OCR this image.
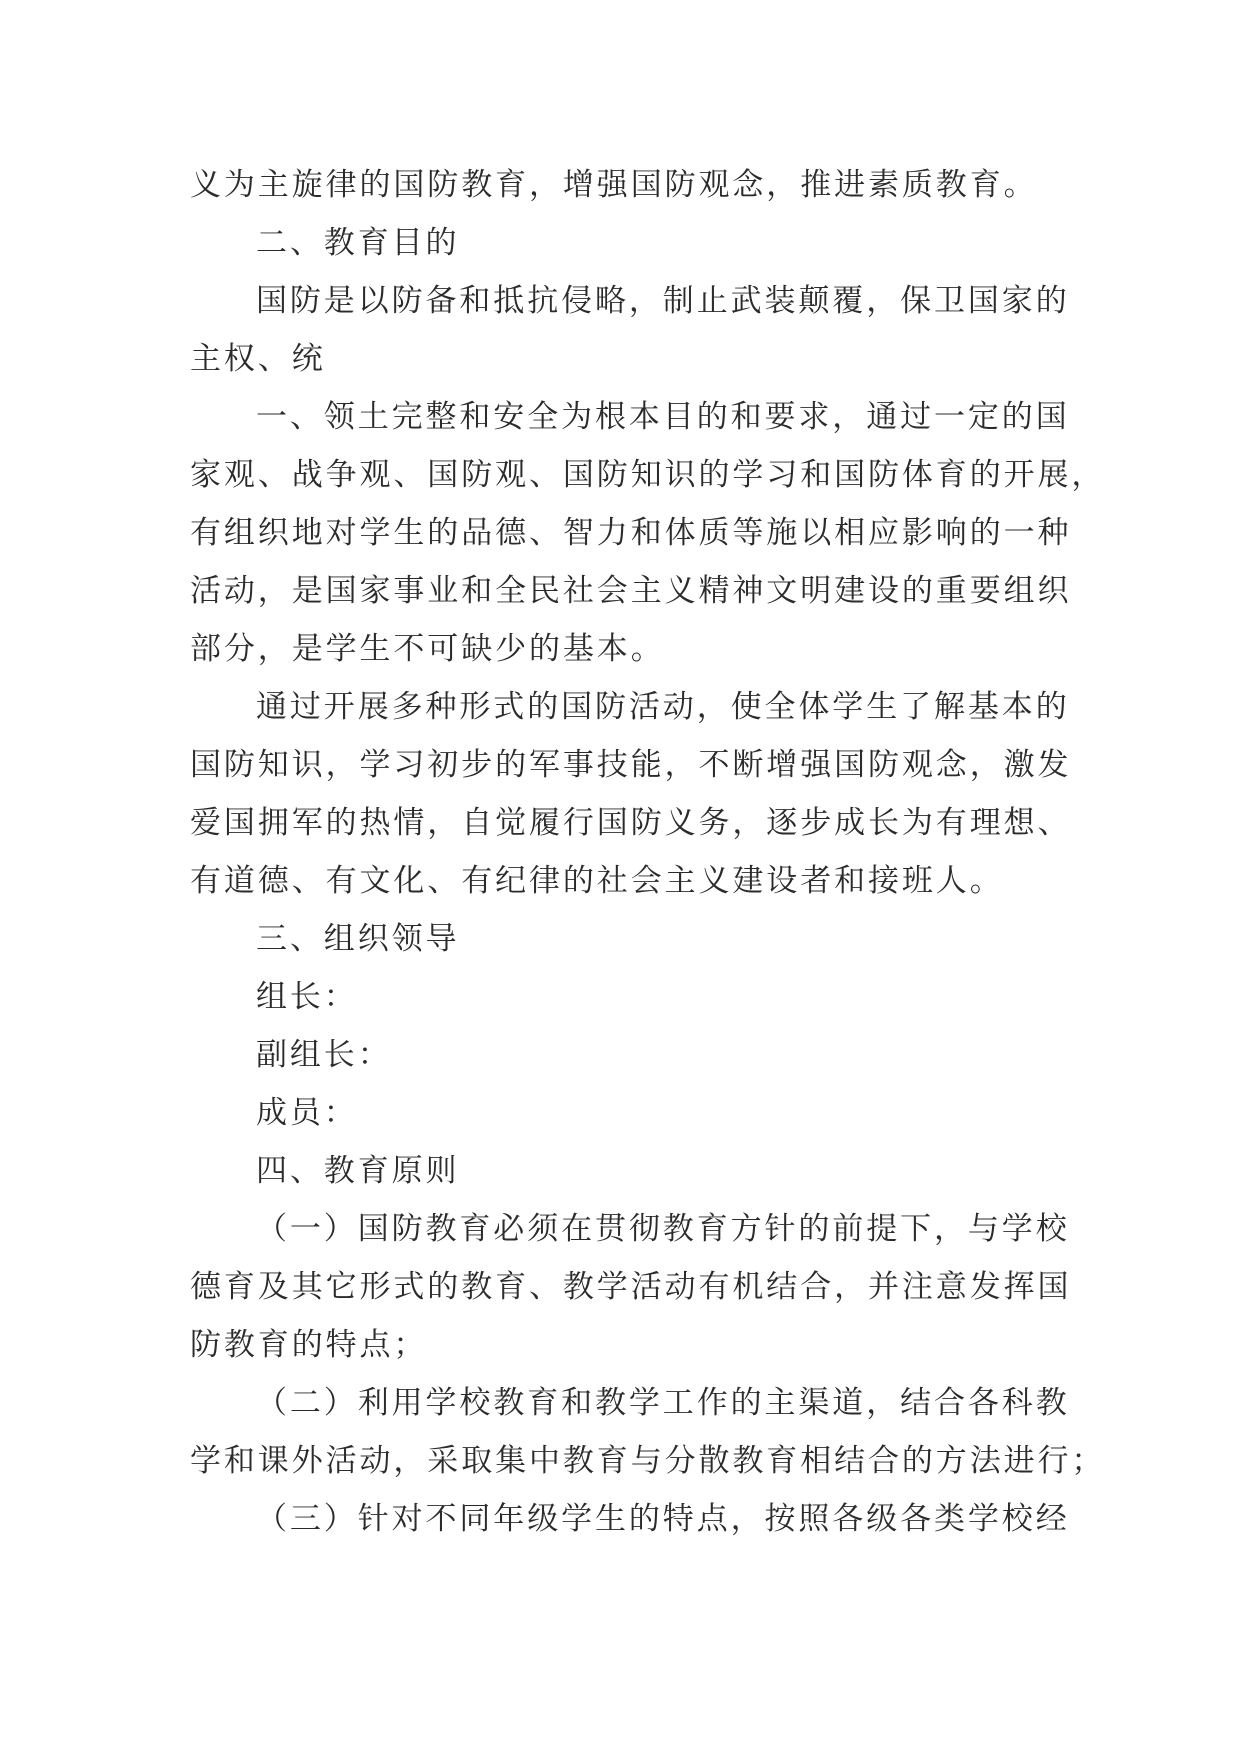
义为主旋律的国防教育，增强国防观念，推进素质教育。
二、教育目的
国防是以防备和抵抗侵略，制止武装颠覆，保卫国家的
主权、统
一、领土完整和安全为根本目的和要求，通过一定的国
家观、战争观、国防观、国防知识的学习和国防体育的开展，
有组织地对学生的品德、智力和体质等施以相应影响的一种
活动，是国家事业和全民社会主义精神文明建设的重要组织
部分，是学生不可缺少的基本。
通过开展多种形式的国防活动，使全体学生了解基本的
国防知识，学习初步的军事技能，不断增强国防观念，激发
爱国拥军的热情，自觉履行国防义务，逐步成长为有理想、
有道德、有文化、有纪律的社会主义建设者和接班人。
三、组织领导
组长：
副组长：
成员：
四、教育原则
（一）国防教育必须在贯彻教育方针的前提下，与学校
德育及其它形式的教育、教学活动有机结合，并注意发挥国
防教育的特点；
（二）利用学校教育和教学工作的主渠道，结合各科教
学和课外活动，采取集中教育与分散教育相结合的方法进行；
（三）针对不同年级学生的特点，按照各级各类学校经
